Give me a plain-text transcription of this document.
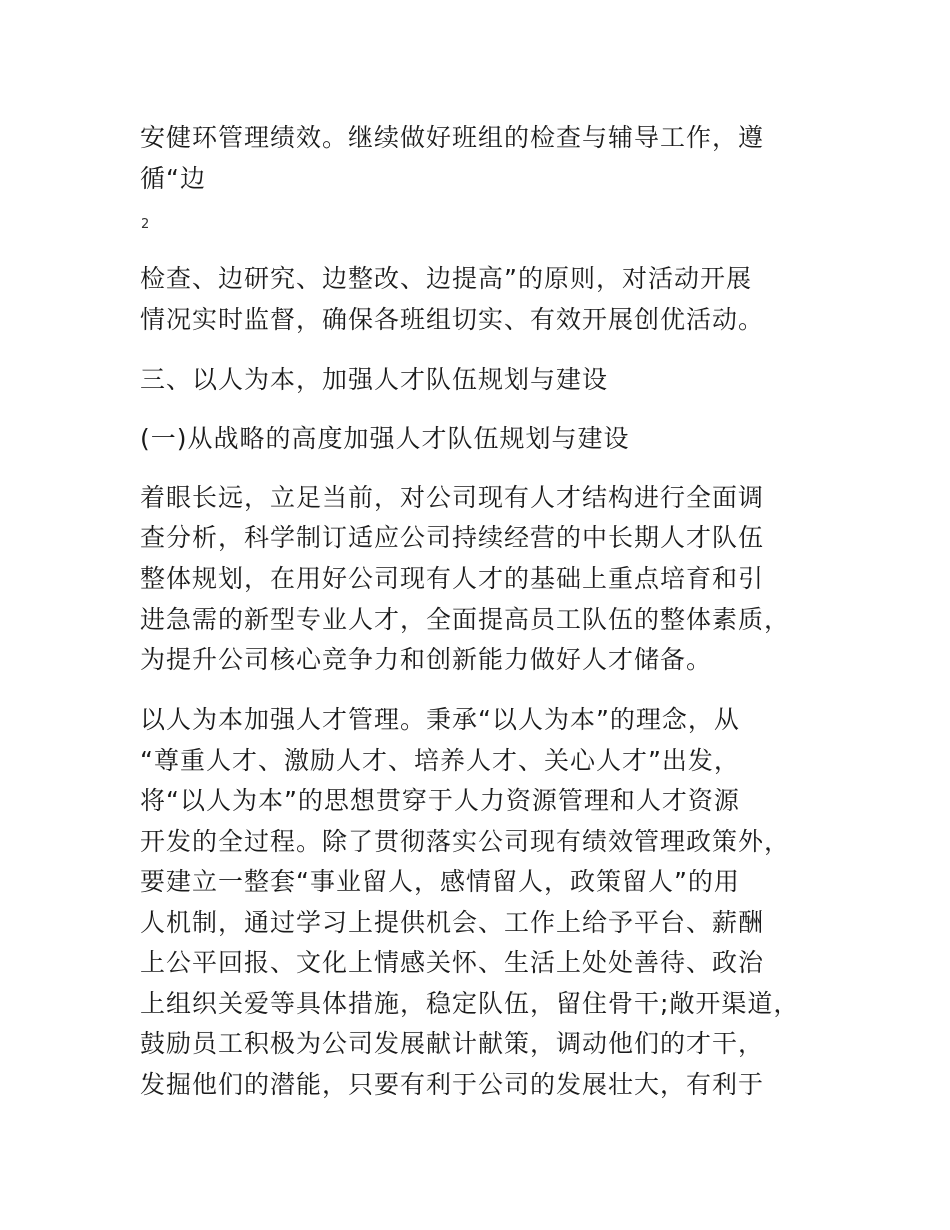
安健环管理绩效。继续做好班组的检查与辅导工作，遵

循“边

2

检查、边研究、边整改、边提高”的原则，对活动开展

情况实时监督，确保各班组切实、有效开展创优活动。

三、以人为本，加强人才队伍规划与建设

(一)从战略的高度加强人才队伍规划与建设

着眼长远，立足当前，对公司现有人才结构进行全面调

查分析，科学制订适应公司持续经营的中长期人才队伍

整体规划，在用好公司现有人才的基础上重点培育和引

进急需的新型专业人才，全面提高员工队伍的整体素质，

为提升公司核心竞争力和创新能力做好人才储备。

以人为本加强人才管理。秉承“以人为本”的理念，从

“尊重人才、激励人才、培养人才、关心人才”出发，

将“以人为本”的思想贯穿于人力资源管理和人才资源

开发的全过程。除了贯彻落实公司现有绩效管理政策外，

要建立一整套“事业留人，感情留人，政策留人”的用

人机制，通过学习上提供机会、工作上给予平台、薪酬

上公平回报、文化上情感关怀、生活上处处善待、政治

上组织关爱等具体措施，稳定队伍，留住骨干;敞开渠道，

鼓励员工积极为公司发展献计献策，调动他们的才干，

发掘他们的潜能，只要有利于公司的发展壮大，有利于
